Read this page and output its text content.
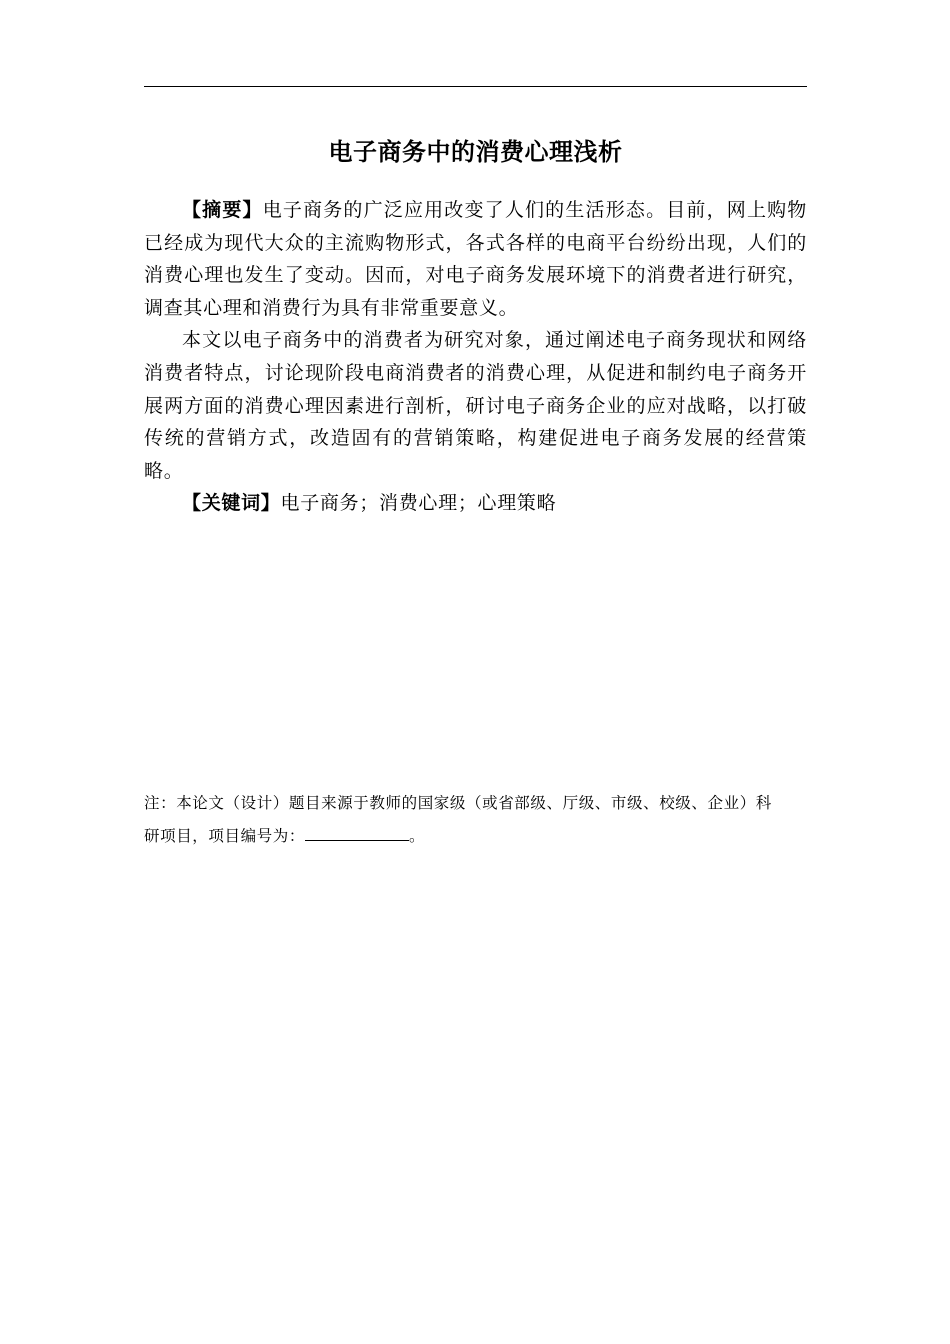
电子商务中的消费心理浅析

【摘要】电子商务的广泛应用改变了人们的生活形态。目前，网上购物已经成为现代大众的主流购物形式，各式各样的电商平台纷纷出现，人们的消费心理也发生了变动。因而，对电子商务发展环境下的消费者进行研究，调查其心理和消费行为具有非常重要意义。

本文以电子商务中的消费者为研究对象，通过阐述电子商务现状和网络消费者特点，讨论现阶段电商消费者的消费心理，从促进和制约电子商务开展两方面的消费心理因素进行剖析，研讨电子商务企业的应对战略，以打破传统的营销方式，改造固有的营销策略，构建促进电子商务发展的经营策略。

【关键词】电子商务；消费心理；心理策略

注：本论文（设计）题目来源于教师的国家级（或省部级、厅级、市级、校级、企业）科

研项目，项目编号为：	。
